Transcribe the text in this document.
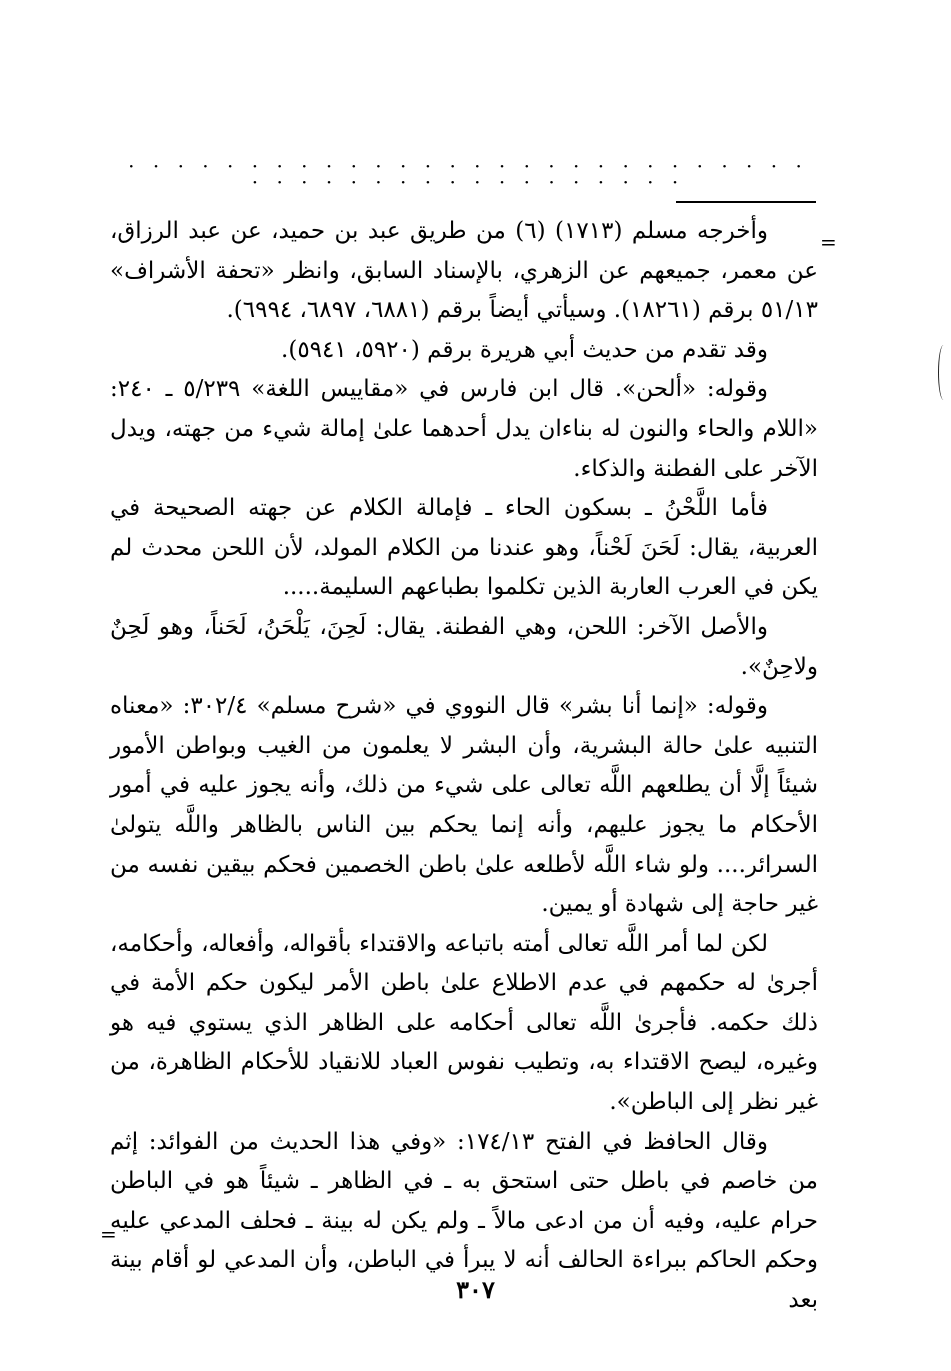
· · · · · · · · · · · · · · · · · · · · · · · · · · · · · · · · · · · · · · · · · · · · · ·
=

وأخرجه مسلم (١٧١٣) (٦) من طريق عبد بن حميد، عن عبد الرزاق، عن معمر، جميعهم عن الزهري، بالإسناد السابق، وانظر «تحفة الأشراف» ٥١/١٣ برقم (١٨٢٦١). وسيأتي أيضاً برقم (٦٨٨١، ٦٨٩٧، ٦٩٩٤).

وقد تقدم من حديث أبي هريرة برقم (٥٩٢٠، ٥٩٤١).

وقوله: «ألحن». قال ابن فارس في «مقاييس اللغة» ٥/٢٣٩ ـ ٢٤٠: «اللام والحاء والنون له بناءان يدل أحدهما علىٰ إمالة شيء من جهته، ويدل الآخر على الفطنة والذكاء.

فأما اللَّحْنُ ـ بسكون الحاء ـ فإمالة الكلام عن جهته الصحيحة في العربية، يقال: لَحَنَ لَحْناً، وهو عندنا من الكلام المولد، لأن اللحن محدث لم يكن في العرب العاربة الذين تكلموا بطباعهم السليمة.....

والأصل الآخر: اللحن، وهي الفطنة. يقال: لَحِنَ، يَلْحَنُ، لَحَناً، وهو لَحِنٌ ولاحِنٌ».

وقوله: «إنما أنا بشر» قال النووي في «شرح مسلم» ٣٠٢/٤: «معناه التنبيه علىٰ حالة البشرية، وأن البشر لا يعلمون من الغيب وبواطن الأمور شيئاً إلَّا أن يطلعهم اللَّه تعالى على شيء من ذلك، وأنه يجوز عليه في أمور الأحكام ما يجوز عليهم، وأنه إنما يحكم بين الناس بالظاهر واللَّه يتولىٰ السرائر.... ولو شاء اللَّه لأطلعه علىٰ باطن الخصمين فحكم بيقين نفسه من غير حاجة إلى شهادة أو يمين.

لكن لما أمر اللَّه تعالى أمته باتباعه والاقتداء بأقواله، وأفعاله، وأحكامه، أجرىٰ له حكمهم في عدم الاطلاع علىٰ باطن الأمر ليكون حكم الأمة في ذلك حكمه. فأجرىٰ اللَّه تعالى أحكامه على الظاهر الذي يستوي فيه هو وغيره، ليصح الاقتداء به، وتطيب نفوس العباد للانقياد للأحكام الظاهرة، من غير نظر إلى الباطن».

وقال الحافظ في الفتح ١٧٤/١٣: «وفي هذا الحديث من الفوائد: إثم من خاصم في باطل حتى استحق به ـ في الظاهر ـ شيئاً هو في الباطن حرام عليه، وفيه أن من ادعى مالاً ـ ولم يكن له بينة ـ فحلف المدعي عليه وحكم الحاكم ببراءة الحالف أنه لا يبرأ في الباطن، وأن المدعي لو أقام بينة بعد

=
٣٠٧
